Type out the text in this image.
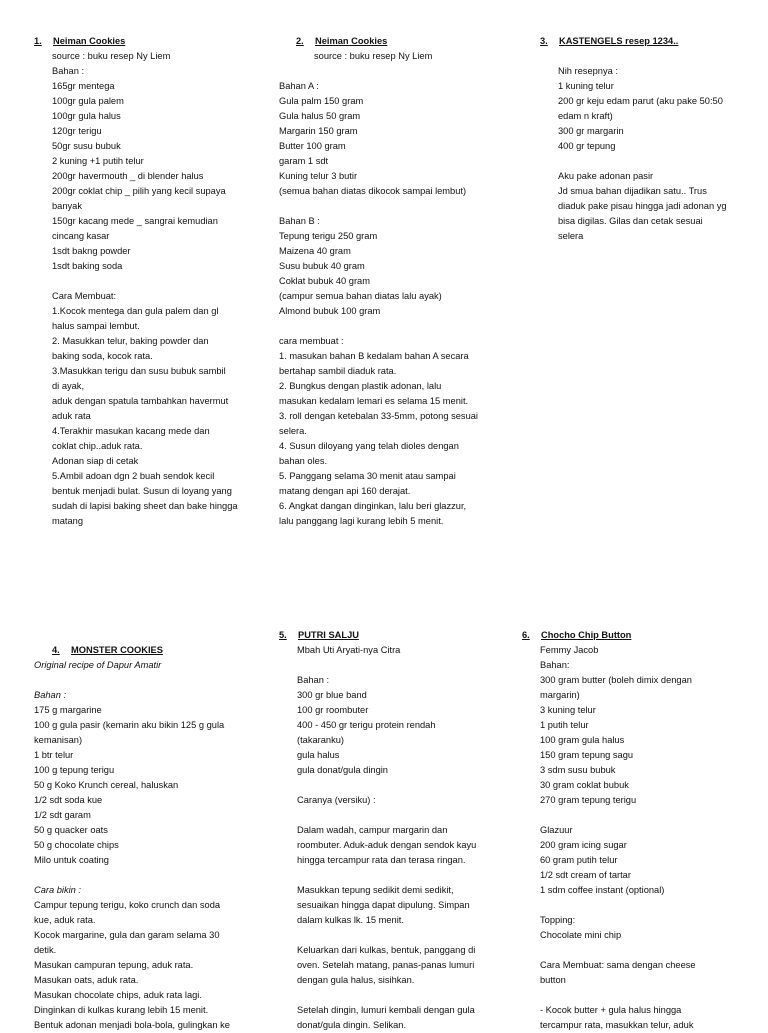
1. Neiman Cookies
source : buku resep Ny Liem
Bahan :
165gr mentega
100gr gula palem
100gr gula halus
120gr terigu
50gr susu bubuk
2 kuning +1 putih telur
200gr havermouth _ di blender halus
200gr coklat chip _ pilih yang kecil supaya
banyak
150gr kacang mede _ sangrai kemudian
cincang kasar
1sdt bakng powder
1sdt baking soda
Cara Membuat:
1.Kocok mentega dan gula palem dan gl
halus sampai lembut.
2. Masukkan telur, baking powder dan
baking soda, kocok rata.
3.Masukkan terigu dan susu bubuk sambil
di ayak,
aduk dengan spatula tambahkan havermut
aduk rata
4.Terakhir masukan kacang mede dan
coklat chip..aduk rata.
Adonan siap di cetak
5.Ambil adoan dgn 2 buah sendok kecil
bentuk menjadi bulat. Susun di loyang yang
sudah di lapisi baking sheet dan bake hingga
matang
2. Neiman Cookies
source : buku resep Ny Liem
Bahan A :
Gula palm 150 gram
Gula halus 50 gram
Margarin 150 gram
Butter 100 gram
garam 1 sdt
Kuning telur 3 butir
(semua bahan diatas dikocok sampai lembut)
Bahan B :
Tepung terigu 250 gram
Maizena 40 gram
Susu bubuk 40 gram
Coklat bubuk 40 gram
(campur semua bahan diatas lalu ayak)
Almond bubuk 100 gram
cara membuat :
1. masukan bahan B kedalam bahan A secara
bertahap sambil diaduk rata.
2. Bungkus dengan plastik adonan, lalu
masukan kedalam lemari es selama 15 menit.
3. roll dengan ketebalan 33-5mm, potong sesuai
selera.
4. Susun diloyang yang telah dioles dengan
bahan oles.
5. Panggang selama 30 menit atau sampai
matang dengan api 160 derajat.
6. Angkat dangan dinginkan, lalu beri glazzur,
lalu panggang lagi kurang lebih 5 menit.
3. KASTENGELS resep 1234..
Nih resepnya :
1 kuning telur
200 gr keju edam parut (aku pake 50:50
edam n kraft)
300 gr margarin
400 gr tepung
Aku pake adonan pasir
Jd smua bahan dijadikan satu.. Trus
diaduk pake pisau hingga jadi adonan yg
bisa digilas. Gilas dan cetak sesuai
selera
4. MONSTER COOKIES
Original recipe of Dapur Amatir
Bahan :
175 g margarine
100 g gula pasir (kemarin aku bikin 125 g gula
kemanisan)
1 btr telur
100 g tepung terigu
50 g Koko Krunch cereal, haluskan
1/2 sdt soda kue
1/2 sdt garam
50 g quacker oats
50 g chocolate chips
Milo untuk coating
Cara bikin :
Campur tepung terigu, koko crunch dan soda
kue, aduk rata.
Kocok margarine, gula dan garam selama 30
detik.
Masukan campuran tepung, aduk rata.
Masukan oats, aduk rata.
Masukan chocolate chips, aduk rata lagi.
Dinginkan di kulkas kurang lebih 15 menit.
Bentuk adonan menjadi bola-bola, gulingkan ke
5. PUTRI SALJU
Mbah Uti Aryati-nya Citra
Bahan :
300 gr blue band
100 gr roombuter
400 - 450 gr terigu protein rendah
(takaranku)
gula halus
gula donat/gula dingin
Caranya (versiku) :
Dalam wadah, campur margarin dan
roombuter. Aduk-aduk dengan sendok kayu
hingga tercampur rata dan terasa ringan.
Masukkan tepung sedikit demi sedikit,
sesuaikan hingga dapat dipulung. Simpan
dalam kulkas lk. 15 menit.
Keluarkan dari kulkas, bentuk, panggang di
oven. Setelah matang, panas-panas lumuri
dengan gula halus, sisihkan.
Setelah dingin, lumuri kembali dengan gula
donat/gula dingin. Selikan.
6. Chocho Chip Button
Femmy Jacob
Bahan:
300 gram butter (boleh dimix dengan
margarin)
3 kuning telur
1 putih telur
100 gram gula halus
150 gram tepung sagu
3 sdm susu bubuk
30 gram coklat bubuk
270 gram tepung terigu
Glazuur
200 gram icing sugar
60 gram putih telur
1/2 sdt cream of tartar
1 sdm coffee instant (optional)
Topping:
Chocolate mini chip
Cara Membuat: sama dengan cheese
button
- Kocok butter + gula halus hingga
tercampur rata, masukkan telur, aduk
